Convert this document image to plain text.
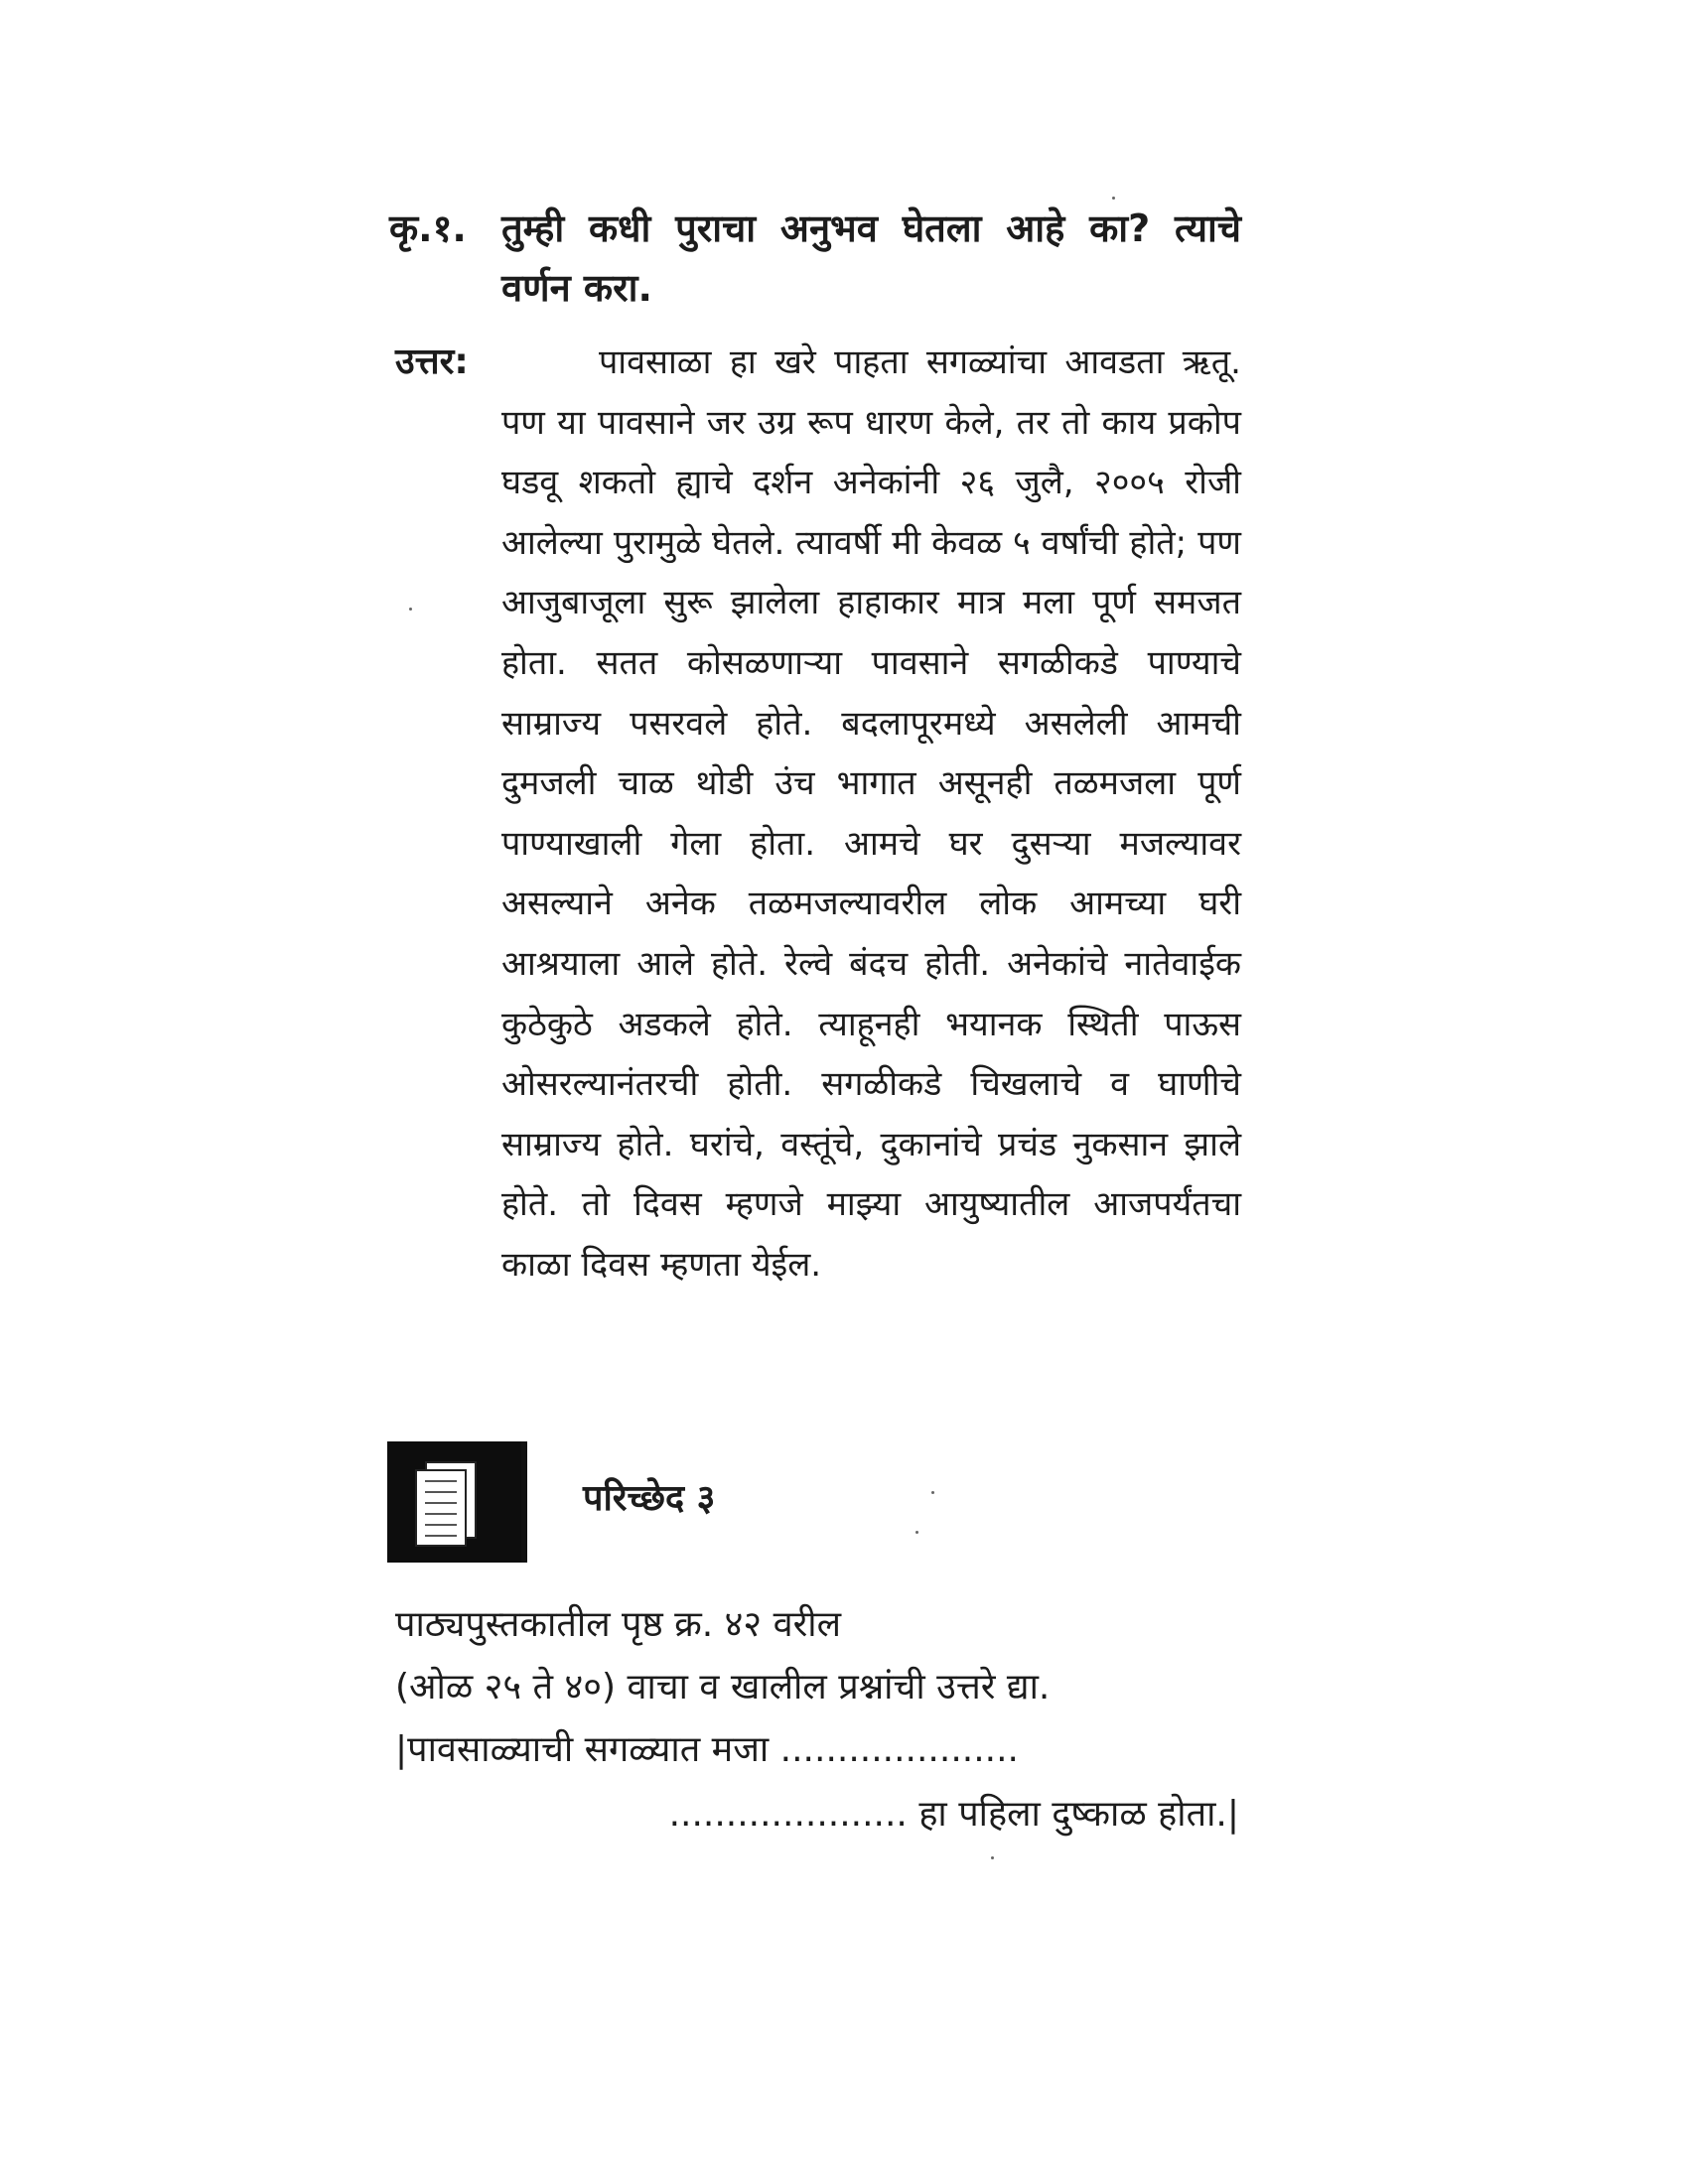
कृ.१. तुम्ही कधी पुराचा अनुभव घेतला आहे का? त्याचे वर्णन करा.
उत्तर:	पावसाळा हा खरे पाहता सगळ्यांचा आवडता ऋतू. पण या पावसाने जर उग्र रूप धारण केले, तर तो काय प्रकोप घडवू शकतो ह्याचे दर्शन अनेकांनी २६ जुलै, २००५ रोजी आलेल्या पुरामुळे घेतले. त्यावर्षी मी केवळ ५ वर्षांची होते; पण आजुबाजूला सुरू झालेला हाहाकार मात्र मला पूर्ण समजत होता. सतत कोसळणाऱ्या पावसाने सगळीकडे पाण्याचे साम्राज्य पसरवले होते. बदलापूरमध्ये असलेली आमची दुमजली चाळ थोडी उंच भागात असूनही तळमजला पूर्ण पाण्याखाली गेला होता. आमचे घर दुसऱ्या मजल्यावर असल्याने अनेक तळमजल्यावरील लोक आमच्या घरी आश्रयाला आले होते. रेल्वे बंदच होती. अनेकांचे नातेवाईक कुठेकुठे अडकले होते. त्याहूनही भयानक स्थिती पाऊस ओसरल्यानंतरची होती. सगळीकडे चिखलाचे व घाणीचे साम्राज्य होते. घरांचे, वस्तूंचे, दुकानांचे प्रचंड नुकसान झाले होते. तो दिवस म्हणजे माझ्या आयुष्यातील आजपर्यंतचा काळा दिवस म्हणता येईल.
परिच्छेद ३
पाठ्यपुस्तकातील पृष्ठ क्र. ४२ वरील
(ओळ २५ ते ४०) वाचा व खालील प्रश्नांची उत्तरे द्या.
|पावसाळ्याची सगळ्यात मजा .....................
..................... हा पहिला दुष्काळ होता.|
